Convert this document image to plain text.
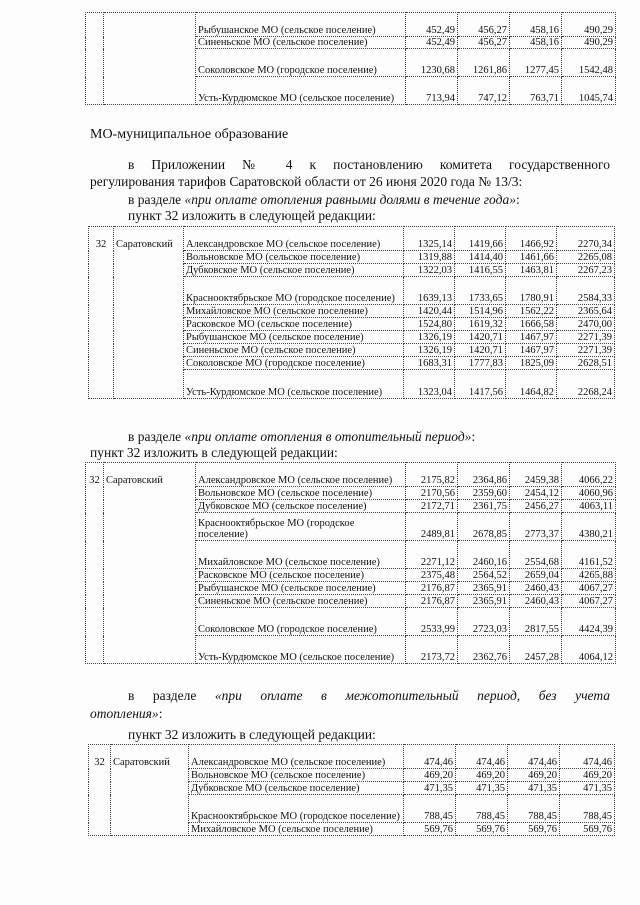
		Рыбушанское МО (сельское поселение)	452,49	456,27	458,16	490,29
		Синеньское МО (сельское поселение)	452,49	456,27	458,16	490,29
		Соколовское МО (городское поселение)	1230,68	1261,86	1277,45	1542,48
		Усть-Курдюмское МО (сельское поселение)	713,94	747,12	763,71	1045,74
МО-муниципальное образование
в Приложении № 4 к постановлению комитета государственного
регулирования тарифов Саратовской области от 26 июня 2020 года № 13/3:
в разделе «при оплате отопления равными долями в течение года»:
пункт 32 изложить в следующей редакции:
32	Саратовский	Александровское МО (сельское поселение)	1325,14	1419,66	1466,92	2270,34
		Вольновское МО (сельское поселение)	1319,88	1414,40	1461,66	2265,08
		Дубковское МО (сельское поселение)	1322,03	1416,55	1463,81	2267,23
		Краснооктябрьское МО (городское поселение)	1639,13	1733,65	1780,91	2584,33
		Михайловское МО (сельское поселение)	1420,44	1514,96	1562,22	2365,64
		Расковское МО (сельское поселение)	1524,80	1619,32	1666,58	2470,00
		Рыбушанское МО (сельское поселение)	1326,19	1420,71	1467,97	2271,39
		Синеньское МО (сельское поселение)	1326,19	1420,71	1467,97	2271,39
		Соколовское МО (городское поселение)	1683,31	1777,83	1825,09	2628,51
		Усть-Курдюмское МО (сельское поселение)	1323,04	1417,56	1464,82	2268,24
в разделе «при оплате отопления в отопительный период»:
пункт 32 изложить в следующей редакции:
32	Саратовский	Александровское МО (сельское поселение)	2175,82	2364,86	2459,38	4066,22
		Вольновское МО (сельское поселение)	2170,56	2359,60	2454,12	4060,96
		Дубковское МО (сельское поселение)	2172,71	2361,75	2456,27	4063,11
		Краснооктябрьское МО (городское поселение)	2489,81	2678,85	2773,37	4380,21
		Михайловское МО (сельское поселение)	2271,12	2460,16	2554,68	4161,52
		Расковское МО (сельское поселение)	2375,48	2564,52	2659,04	4265,88
		Рыбушанское МО (сельское поселение)	2176,87	2365,91	2460,43	4067,27
		Синеньское МО (сельское поселение)	2176,87	2365,91	2460,43	4067,27
		Соколовское МО (городское поселение)	2533,99	2723,03	2817,55	4424,39
		Усть-Курдюмское МО (сельское поселение)	2173,72	2362,76	2457,28	4064,12
в разделе «при оплате в межотопительный период, без учета
отопления»:
пункт 32 изложить в следующей редакции:
32	Саратовский	Александровское МО (сельское поселение)	474,46	474,46	474,46	474,46
		Вольновское МО (сельское поселение)	469,20	469,20	469,20	469,20
		Дубковское МО (сельское поселение)	471,35	471,35	471,35	471,35
		Краснооктябрьское МО (городское поселение)	788,45	788,45	788,45	788,45
		Михайловское МО (сельское поселение)	569,76	569,76	569,76	569,76
